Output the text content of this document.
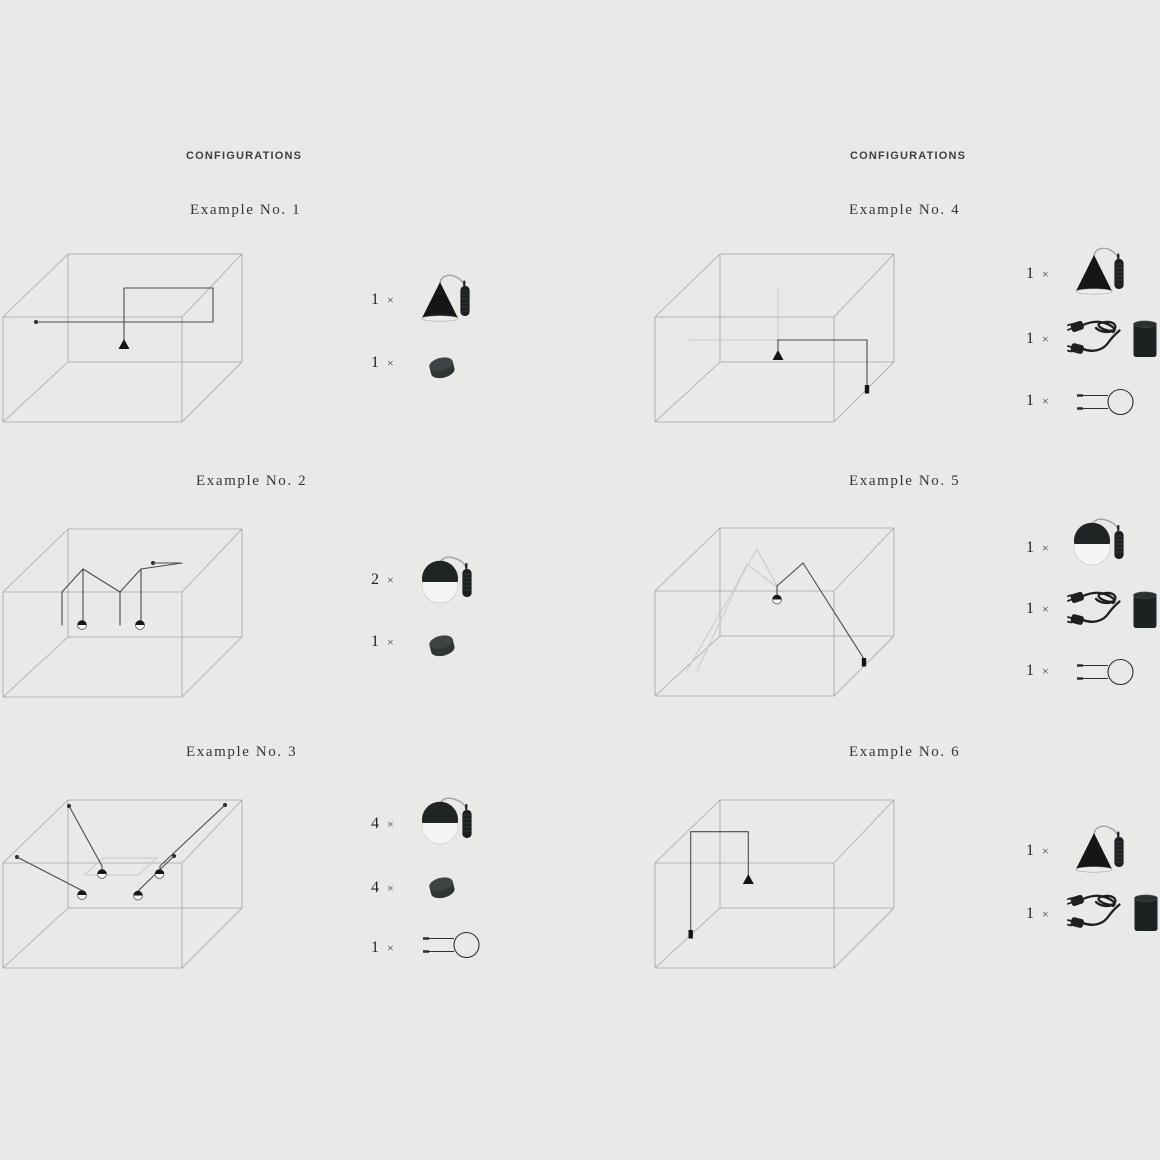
CONFIGURATIONS
Example No. 1
1 ×
1 ×
Example No. 2
2 ×
1 ×
Example No. 3
4 ×
4 ×
1 ×
CONFIGURATIONS
Example No. 4
1 ×
1 ×
1 ×
Example No. 5
1 ×
1 ×
1 ×
Example No. 6
1 ×
1 ×
